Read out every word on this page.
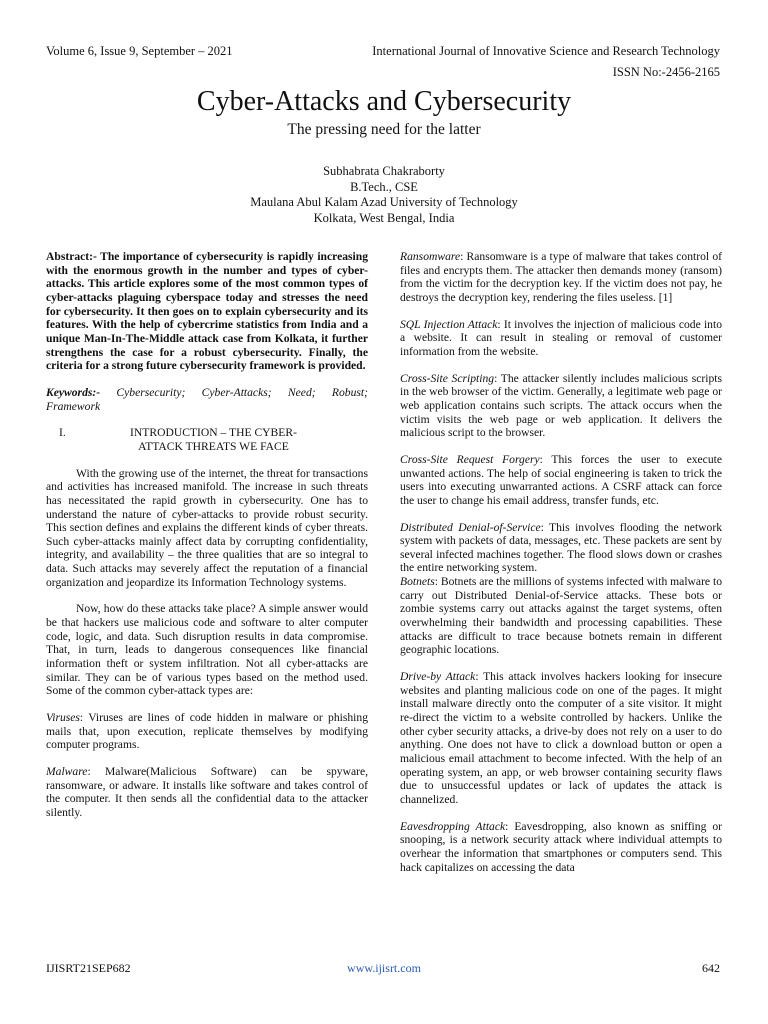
Volume 6, Issue 9, September – 2021	International Journal of Innovative Science and Research Technology
ISSN No:-2456-2165
Cyber-Attacks and Cybersecurity
The pressing need for the latter
Subhabrata Chakraborty
B.Tech., CSE
Maulana Abul Kalam Azad University of Technology
Kolkata, West Bengal, India

Abstract:- The importance of cybersecurity is rapidly increasing with the enormous growth in the number and types of cyber-attacks. This article explores some of the most common types of cyber-attacks plaguing cyberspace today and stresses the need for cybersecurity. It then goes on to explain cybersecurity and its features. With the help of cybercrime statistics from India and a unique Man-In-The-Middle attack case from Kolkata, it further strengthens the case for a robust cybersecurity. Finally, the criteria for a strong future cybersecurity framework is provided.

Keywords:- Cybersecurity; Cyber-Attacks; Need; Robust; Framework

I.	INTRODUCTION – THE CYBER-ATTACK THREATS WE FACE

With the growing use of the internet, the threat for transactions and activities has increased manifold. The increase in such threats has necessitated the rapid growth in cybersecurity. One has to understand the nature of cyber-attacks to provide robust security. This section defines and explains the different kinds of cyber threats. Such cyber-attacks mainly affect data by corrupting confidentiality, integrity, and availability – the three qualities that are so integral to data. Such attacks may severely affect the reputation of a financial organization and jeopardize its Information Technology systems.

Now, how do these attacks take place? A simple answer would be that hackers use malicious code and software to alter computer code, logic, and data. Such disruption results in data compromise. That, in turn, leads to dangerous consequences like financial information theft or system infiltration. Not all cyber-attacks are similar. They can be of various types based on the method used. Some of the common cyber-attack types are:

Viruses: Viruses are lines of code hidden in malware or phishing mails that, upon execution, replicate themselves by modifying computer programs.

Malware: Malware(Malicious Software) can be spyware, ransomware, or adware. It installs like software and takes control of the computer. It then sends all the confidential data to the attacker silently.

Ransomware: Ransomware is a type of malware that takes control of files and encrypts them. The attacker then demands money (ransom) from the victim for the decryption key. If the victim does not pay, he destroys the decryption key, rendering the files useless. [1]

SQL Injection Attack: It involves the injection of malicious code into a website. It can result in stealing or removal of customer information from the website.

Cross-Site Scripting: The attacker silently includes malicious scripts in the web browser of the victim. Generally, a legitimate web page or web application contains such scripts. The attack occurs when the victim visits the web page or web application. It delivers the malicious script to the browser.

Cross-Site Request Forgery: This forces the user to execute unwanted actions. The help of social engineering is taken to trick the users into executing unwarranted actions. A CSRF attack can force the user to change his email address, transfer funds, etc.

Distributed Denial-of-Service: This involves flooding the network system with packets of data, messages, etc. These packets are sent by several infected machines together. The flood slows down or crashes the entire networking system.

Botnets: Botnets are the millions of systems infected with malware to carry out Distributed Denial-of-Service attacks. These bots or zombie systems carry out attacks against the target systems, often overwhelming their bandwidth and processing capabilities. These attacks are difficult to trace because botnets remain in different geographic locations.

Drive-by Attack: This attack involves hackers looking for insecure websites and planting malicious code on one of the pages. It might install malware directly onto the computer of a site visitor. It might re-direct the victim to a website controlled by hackers. Unlike the other cyber security attacks, a drive-by does not rely on a user to do anything. One does not have to click a download button or open a malicious email attachment to become infected. With the help of an operating system, an app, or web browser containing security flaws due to unsuccessful updates or lack of updates the attack is channelized.

Eavesdropping Attack: Eavesdropping, also known as sniffing or snooping, is a network security attack where individual attempts to overhear the information that smartphones or computers send. This hack capitalizes on accessing the data

IJISRT21SEP682	www.ijisrt.com	642
